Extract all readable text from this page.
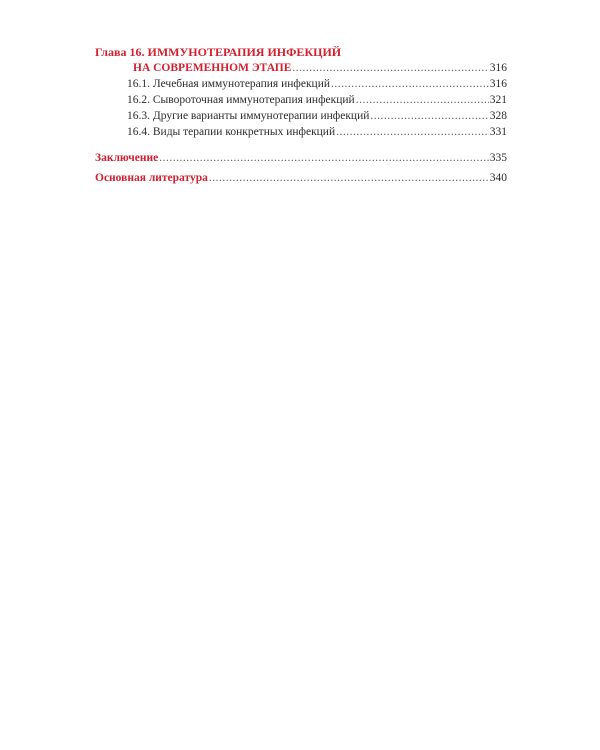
Глава 16. ИММУНОТЕРАПИЯ ИНФЕКЦИЙ
НА СОВРЕМЕННОМ ЭТАПЕ .....	316
16.1. Лечебная иммунотерапия инфекций .....	316
16.2. Сывороточная иммунотерапия инфекций .....	321
16.3. Другие варианты иммунотерапии инфекций .....	328
16.4. Виды терапии конкретных инфекций .....	331
Заключение .....	335
Основная литература .....	340
